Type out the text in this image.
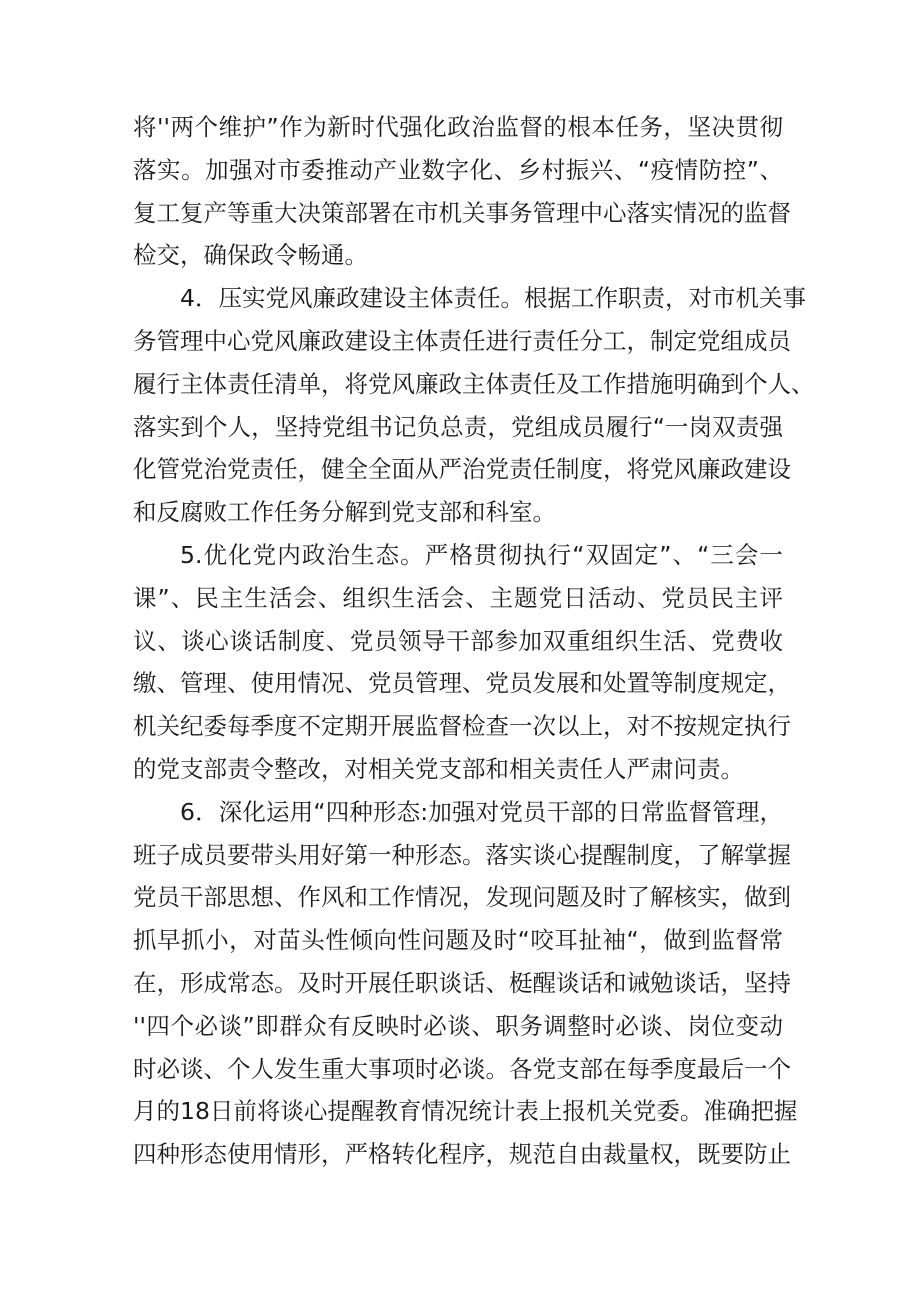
将''两个维护”作为新时代强化政治监督的根本任务，坚决贯彻
落实。加强对市委推动产业数字化、乡村振兴、“疫情防控”、
复工复产等重大决策部署在市机关事务管理中心落实情况的监督
检交，确保政令畅通。
4．压实党风廉政建设主体责任。根据工作职责，对市机关事
务管理中心党风廉政建设主体责任进行责任分工，制定党组成员
履行主体责任清单，将党风廉政主体责任及工作措施明确到个人、
落实到个人，坚持党组书记负总责，党组成员履行“一岗双责强
化管党治党责任，健全全面从严治党责任制度，将党风廉政建设
和反腐败工作任务分解到党支部和科室。
5.优化党内政治生态。严格贯彻执行“双固定”、“三会一
课”、民主生活会、组织生活会、主题党日活动、党员民主评
议、谈心谈话制度、党员领导干部参加双重组织生活、党费收
缴、管理、使用情况、党员管理、党员发展和处置等制度规定，
机关纪委每季度不定期开展监督检查一次以上，对不按规定执行
的党支部责令整改，对相关党支部和相关责任人严肃问责。
6．深化运用“四种形态:加强对党员干部的日常监督管理，
班子成员要带头用好第一种形态。落实谈心提醒制度，了解掌握
党员干部思想、作风和工作情况，发现问题及时了解核实，做到
抓早抓小，对苗头性倾向性问题及时“咬耳扯袖“，做到监督常
在，形成常态。及时开展任职谈话、梃醒谈话和诫勉谈话，坚持
''四个必谈”即群众有反映时必谈、职务调整时必谈、岗位变动
时必谈、个人发生重大事项时必谈。各党支部在每季度最后一个
月的18日前将谈心提醒教育情况统计表上报机关党委。准确把握
四种形态使用情形，严格转化程序，规范自由裁量权，既要防止
